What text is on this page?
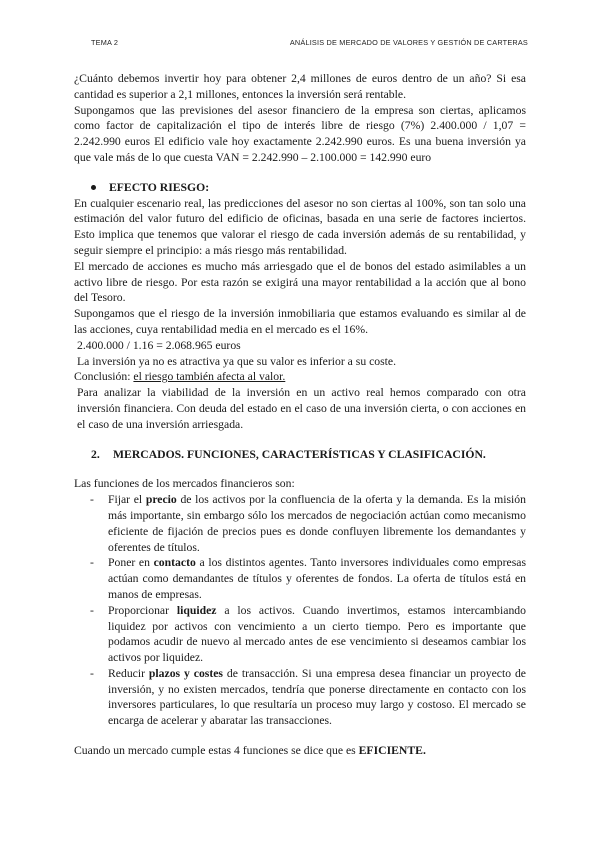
TEMA 2	ANÁLISIS DE MERCADO DE VALORES Y GESTIÓN DE CARTERAS

¿Cuánto debemos invertir hoy para obtener 2,4 millones de euros dentro de un año? Si esa cantidad es superior a 2,1 millones, entonces la inversión será rentable.

Supongamos que las previsiones del asesor financiero de la empresa son ciertas, aplicamos como factor de capitalización el tipo de interés libre de riesgo (7%) 2.400.000 / 1,07 = 2.242.990 euros El edificio vale hoy exactamente 2.242.990 euros. Es una buena inversión ya que vale más de lo que cuesta VAN = 2.242.990 – 2.100.000 = 142.990 euro

EFECTO RIESGO:

En cualquier escenario real, las predicciones del asesor no son ciertas al 100%, son tan solo una estimación del valor futuro del edificio de oficinas, basada en una serie de factores inciertos. Esto implica que tenemos que valorar el riesgo de cada inversión además de su rentabilidad, y seguir siempre el principio: a más riesgo más rentabilidad.

El mercado de acciones es mucho más arriesgado que el de bonos del estado asimilables a un activo libre de riesgo. Por esta razón se exigirá una mayor rentabilidad a la acción que al bono del Tesoro.

Supongamos que el riesgo de la inversión inmobiliaria que estamos evaluando es similar al de las acciones, cuya rentabilidad media en el mercado es el 16%.

2.400.000 / 1.16 = 2.068.965 euros

La inversión ya no es atractiva ya que su valor es inferior a su coste.

Conclusión: el riesgo también afecta al valor.

Para analizar la viabilidad de la inversión en un activo real hemos comparado con otra inversión financiera. Con deuda del estado en el caso de una inversión cierta, o con acciones en el caso de una inversión arriesgada.

2. MERCADOS. FUNCIONES, CARACTERÍSTICAS Y CLASIFICACIÓN.

Las funciones de los mercados financieros son:

- Fijar el precio de los activos por la confluencia de la oferta y la demanda. Es la misión más importante, sin embargo sólo los mercados de negociación actúan como mecanismo eficiente de fijación de precios pues es donde confluyen libremente los demandantes y oferentes de títulos.
- Poner en contacto a los distintos agentes. Tanto inversores individuales como empresas actúan como demandantes de títulos y oferentes de fondos. La oferta de títulos está en manos de empresas.
- Proporcionar liquidez a los activos. Cuando invertimos, estamos intercambiando liquidez por activos con vencimiento a un cierto tiempo. Pero es importante que podamos acudir de nuevo al mercado antes de ese vencimiento si deseamos cambiar los activos por liquidez.
- Reducir plazos y costes de transacción. Si una empresa desea financiar un proyecto de inversión, y no existen mercados, tendría que ponerse directamente en contacto con los inversores particulares, lo que resultaría un proceso muy largo y costoso. El mercado se encarga de acelerar y abaratar las transacciones.

Cuando un mercado cumple estas 4 funciones se dice que es EFICIENTE.
